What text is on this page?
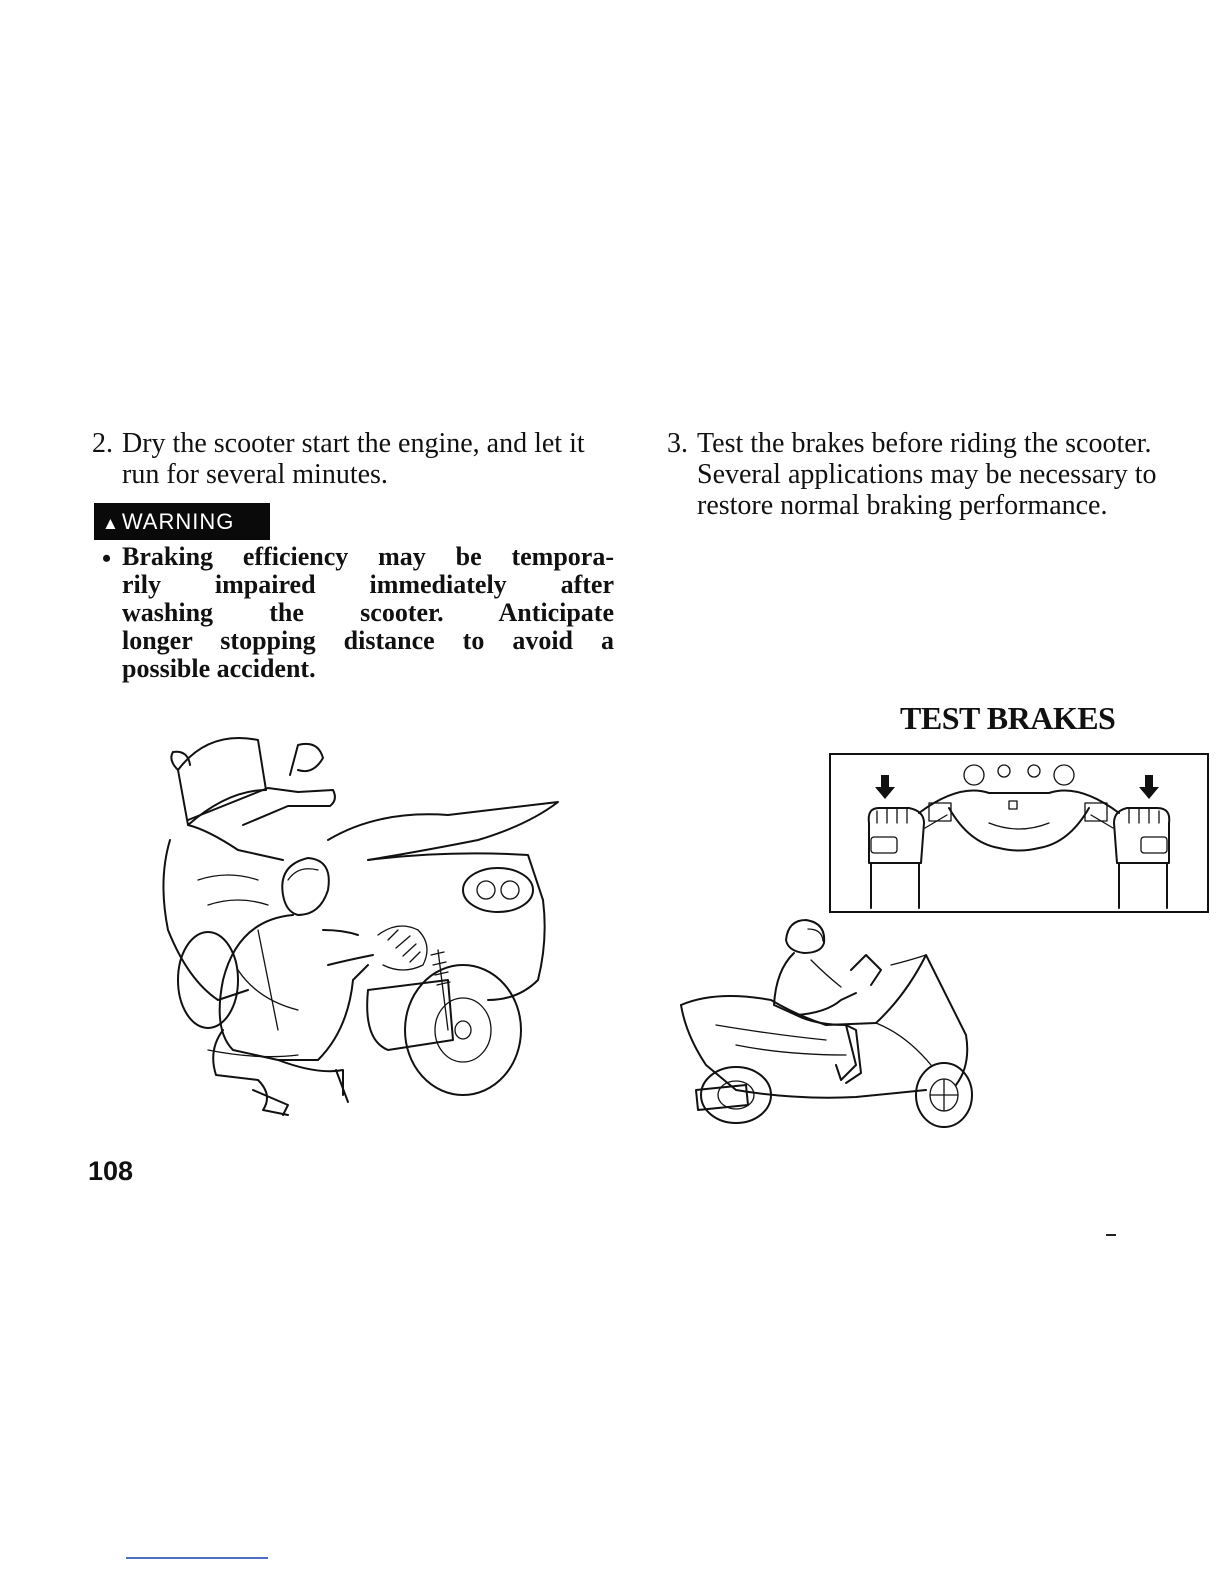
2. Dry the scooter start the engine, and let it
run for several minutes.
▲WARNING
• Braking efficiency may be tempora-
rily impaired immediately after
washing the scooter. Anticipate
longer stopping distance to avoid a
possible accident.
3. Test the brakes before riding the scooter.
Several applications may be necessary to
restore normal braking performance.
TEST BRAKES
108
